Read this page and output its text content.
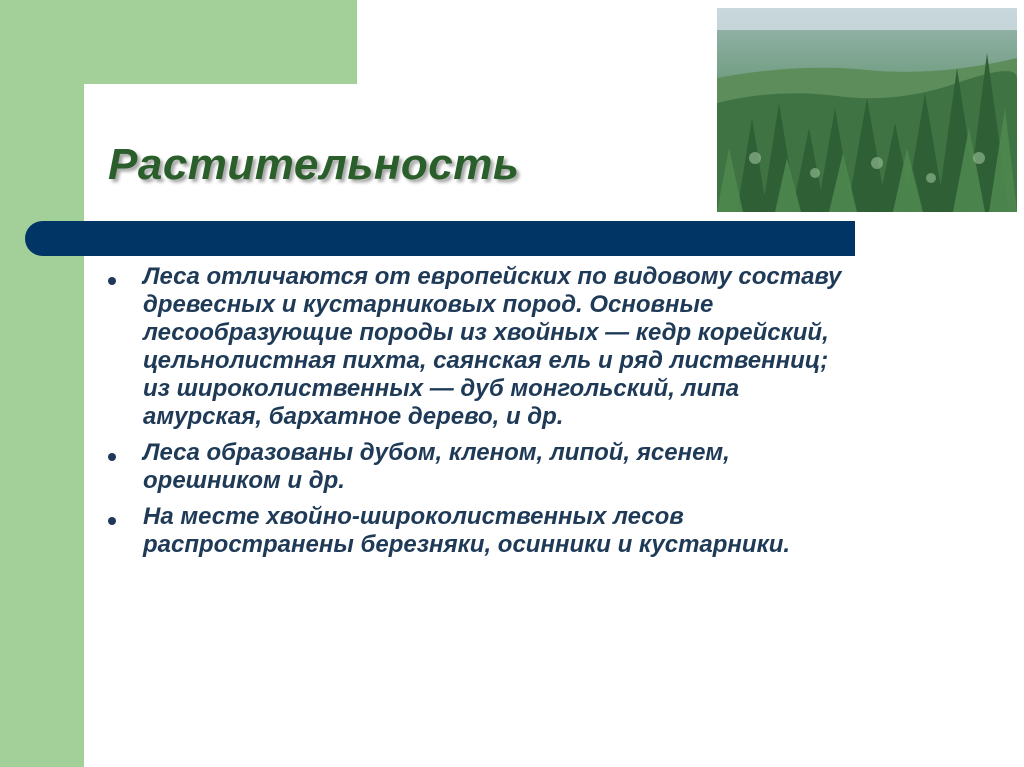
Растительность
Леса отличаются от европейских по видовому составу
древесных и кустарниковых пород. Основные
лесообразующие породы из хвойных — кедр корейский,
цельнолистная пихта, саянская ель и ряд лиственниц;
из широколиственных — дуб монгольский, липа
амурская, бархатное дерево, и др.
Леса образованы дубом, кленом, липой, ясенем,
орешником и др.
На месте хвойно-широколиственных лесов
распространены березняки, осинники и кустарники.
